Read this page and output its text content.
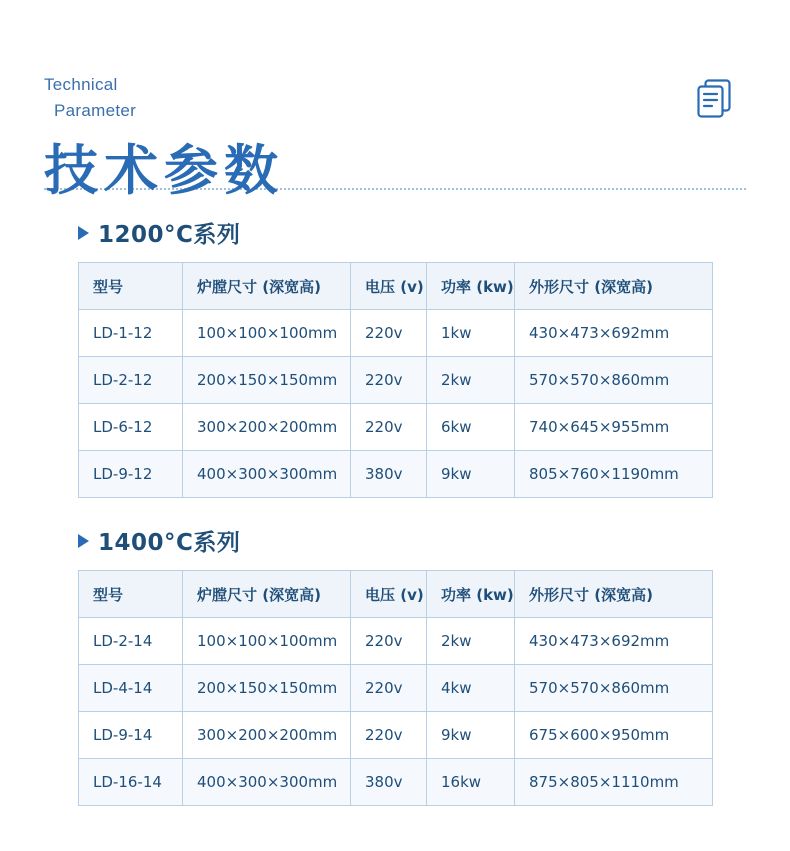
Technical
Parameter
技术参数
1200°C系列
型号	炉膛尺寸 (深宽高)	电压 (v)	功率 (kw)	外形尺寸 (深宽高)
LD-1-12	100×100×100mm	220v	1kw	430×473×692mm
LD-2-12	200×150×150mm	220v	2kw	570×570×860mm
LD-6-12	300×200×200mm	220v	6kw	740×645×955mm
LD-9-12	400×300×300mm	380v	9kw	805×760×1190mm
1400°C系列
型号	炉膛尺寸 (深宽高)	电压 (v)	功率 (kw)	外形尺寸 (深宽高)
LD-2-14	100×100×100mm	220v	2kw	430×473×692mm
LD-4-14	200×150×150mm	220v	4kw	570×570×860mm
LD-9-14	300×200×200mm	220v	9kw	675×600×950mm
LD-16-14	400×300×300mm	380v	16kw	875×805×1110mm
